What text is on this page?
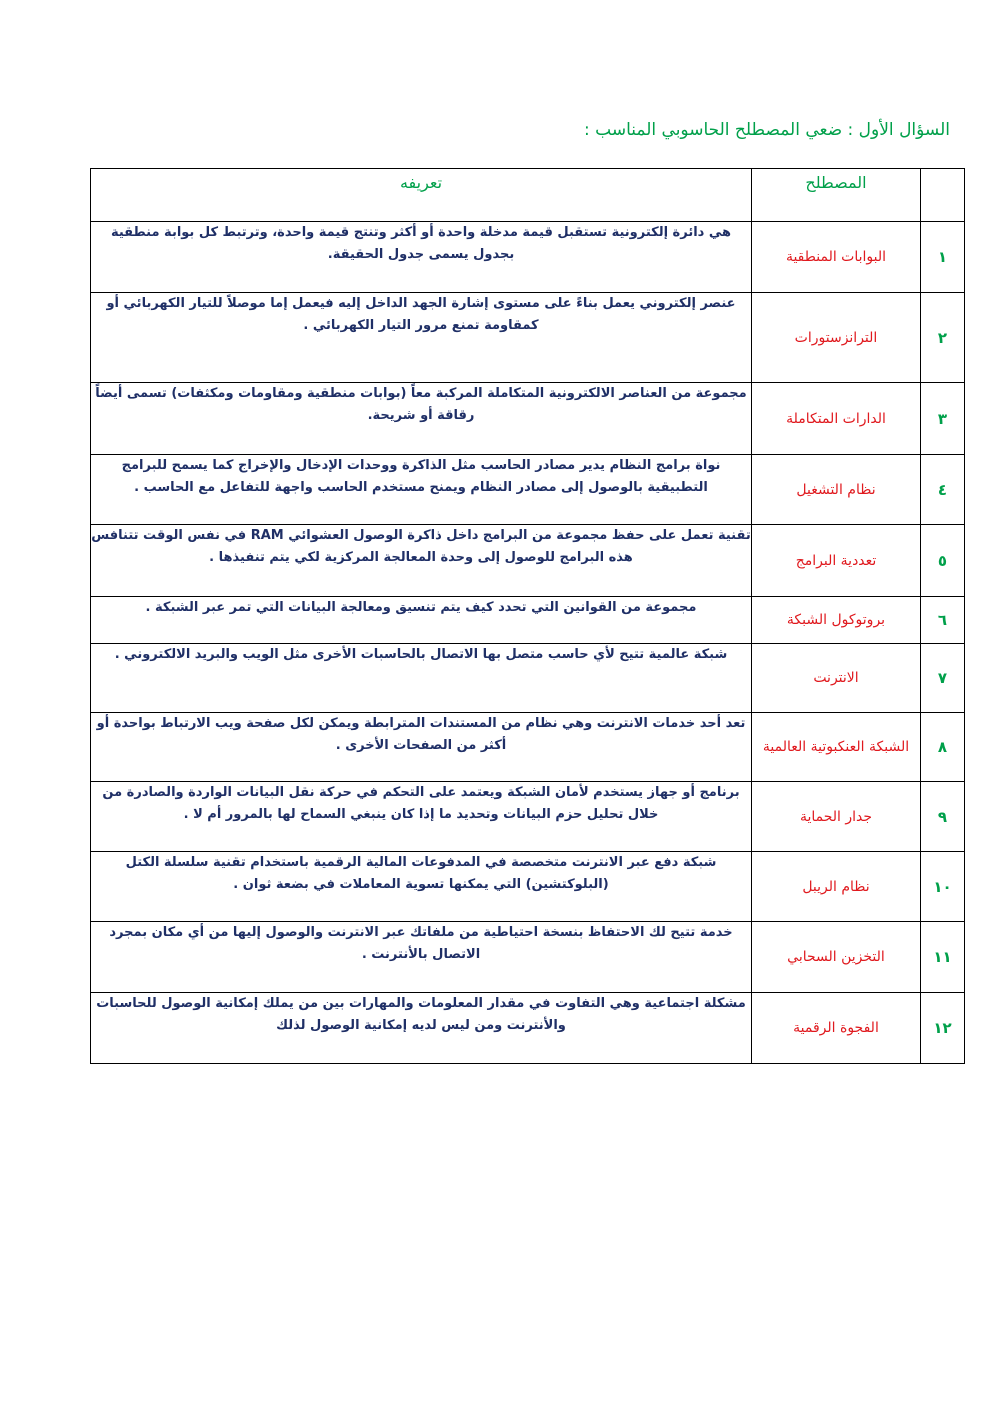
السؤال الأول : ضعي المصطلح الحاسوبي المناسب :

	المصطلح	تعريفه

١	البوابات المنطقية	هي دائرة إلكترونية تستقبل قيمة مدخلة واحدة أو أكثر وتنتج قيمة واحدة، وترتبط كل بوابة منطقية بجدول يسمى جدول الحقيقة.
٢	الترانزستورات	عنصر إلكتروني يعمل بناءً على مستوى إشارة الجهد الداخل إليه فيعمل إما موصلاً للتيار الكهربائي أو كمقاومة تمنع مرور التيار الكهربائي .
٣	الدارات المتكاملة	مجموعة من العناصر الالكترونية المتكاملة المركبة معاً (بوابات منطقية ومقاومات ومكثفات) تسمى أيضاً رقاقة أو شريحة.
٤	نظام التشغيل	نواة برامج النظام يدير مصادر الحاسب مثل الذاكرة ووحدات الإدخال والإخراج كما يسمح للبرامج التطبيقية بالوصول إلى مصادر النظام ويمنح مستخدم الحاسب واجهة للتفاعل مع الحاسب .
٥	تعددية البرامج	تقنية تعمل على حفظ مجموعة من البرامج داخل ذاكرة الوصول العشوائي RAM في نفس الوقت تتنافس هذه البرامج للوصول إلى وحدة المعالجة المركزية لكي يتم تنفيذها .
٦	بروتوكول الشبكة	مجموعة من القوانين التي تحدد كيف يتم تنسيق ومعالجة البيانات التي تمر عبر الشبكة .
٧	الانترنت	شبكة عالمية تتيح لأي حاسب متصل بها الاتصال بالحاسبات الأخرى مثل الويب والبريد الالكتروني .
٨	الشبكة العنكبوتية العالمية	تعد أحد خدمات الانترنت وهي نظام من المستندات المترابطة ويمكن لكل صفحة ويب الارتباط بواحدة أو أكثر من الصفحات الأخرى .
٩	جدار الحماية	برنامج أو جهاز يستخدم لأمان الشبكة ويعتمد على التحكم في حركة نقل البيانات الواردة والصادرة من خلال تحليل حزم البيانات وتحديد ما إذا كان ينبغي السماح لها بالمرور أم لا .
١٠	نظام الريبل	شبكة دفع عبر الانترنت متخصصة في المدفوعات المالية الرقمية باستخدام تقنية سلسلة الكتل (البلوكتشين) التي يمكنها تسوية المعاملات في بضعة ثوان .
١١	التخزين السحابي	خدمة تتيح لك الاحتفاظ بنسخة احتياطية من ملفاتك عبر الانترنت والوصول إليها من أي مكان بمجرد الاتصال بالأنترنت .
١٢	الفجوة الرقمية	مشكلة اجتماعية وهي التفاوت في مقدار المعلومات والمهارات بين من يملك إمكانية الوصول للحاسبات والأنترنت ومن ليس لديه إمكانية الوصول لذلك
